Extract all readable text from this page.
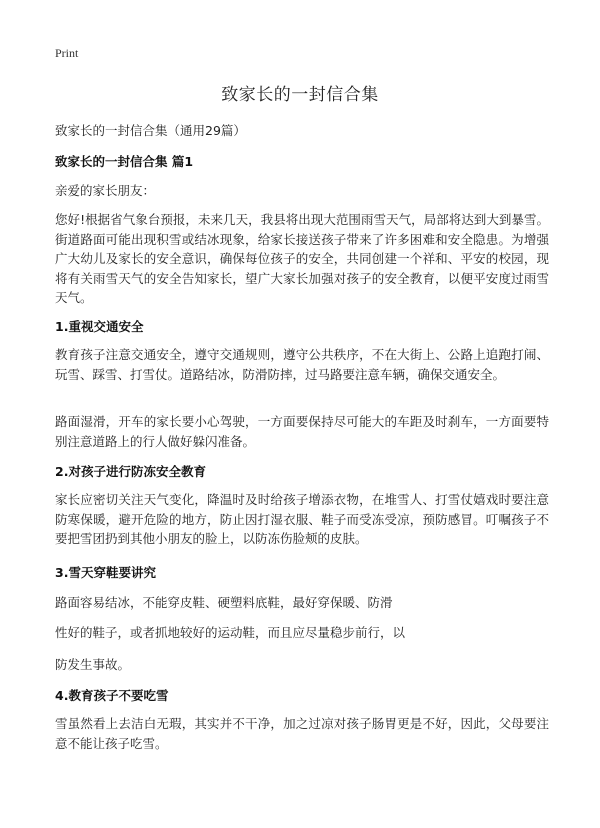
Print
致家长的一封信合集
致家长的一封信合集（通用29篇）
致家长的一封信合集 篇1
亲爱的家长朋友：
您好!根据省气象台预报，未来几天，我县将出现大范围雨雪天气，局部将达到大到暴雪。街道路面可能出现积雪或结冰现象，给家长接送孩子带来了许多困难和安全隐患。为增强广大幼儿及家长的安全意识，确保每位孩子的安全，共同创建一个祥和、平安的校园，现将有关雨雪天气的安全告知家长，望广大家长加强对孩子的安全教育，以便平安度过雨雪天气。
1.重视交通安全
教育孩子注意交通安全，遵守交通规则，遵守公共秩序，不在大街上、公路上追跑打闹、玩雪、踩雪、打雪仗。道路结冰，防滑防摔，过马路要注意车辆，确保交通安全。
路面湿滑，开车的家长要小心驾驶，一方面要保持尽可能大的车距及时刹车，一方面要特别注意道路上的行人做好躲闪准备。
2.对孩子进行防冻安全教育
家长应密切关注天气变化，降温时及时给孩子增添衣物，在堆雪人、打雪仗嬉戏时要注意防寒保暖，避开危险的地方，防止因打湿衣服、鞋子而受冻受凉，预防感冒。叮嘱孩子不要把雪团扔到其他小朋友的脸上，以防冻伤脸颊的皮肤。
3.雪天穿鞋要讲究
路面容易结冰，不能穿皮鞋、硬塑料底鞋，最好穿保暖、防滑
性好的鞋子，或者抓地较好的运动鞋，而且应尽量稳步前行，以
防发生事故。
4.教育孩子不要吃雪
雪虽然看上去洁白无瑕，其实并不干净，加之过凉对孩子肠胃更是不好，因此，父母要注意不能让孩子吃雪。
